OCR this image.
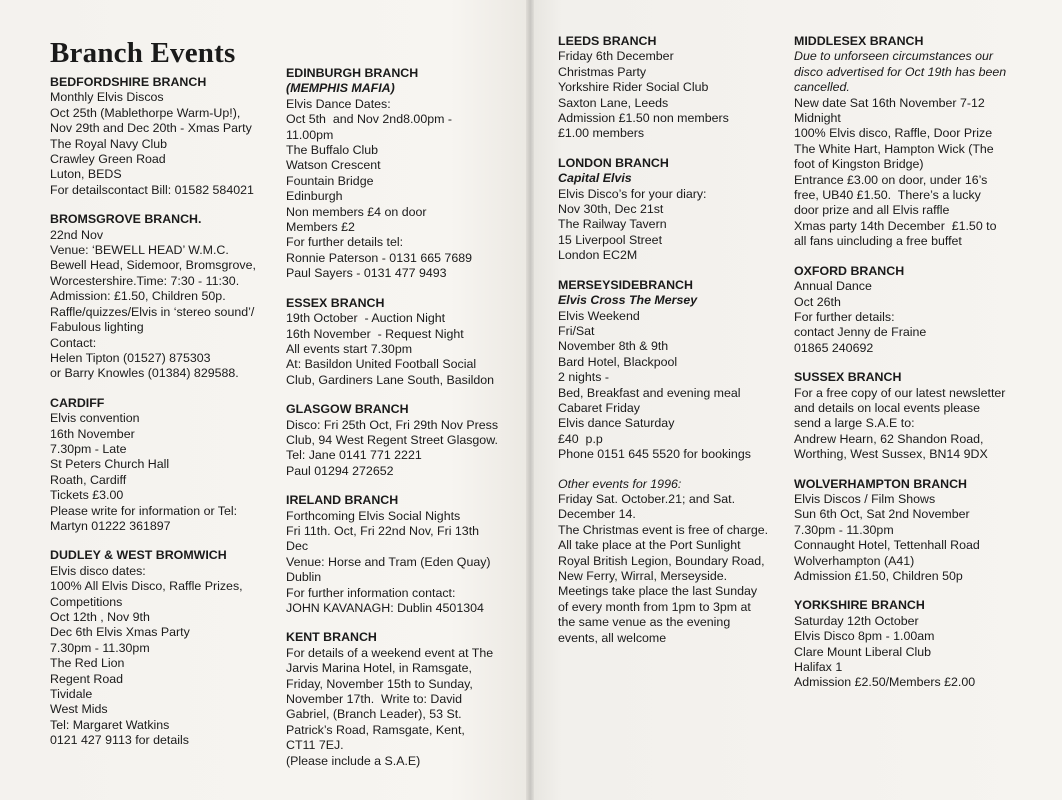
Branch Events
BEDFORDSHIRE BRANCH
Monthly Elvis Discos
Oct 25th (Mablethorpe Warm-Up!),
Nov 29th and Dec 20th - Xmas Party
The Royal Navy Club
Crawley Green Road
Luton, BEDS
For detailscontact Bill: 01582 584021
BROMSGROVE BRANCH.
22nd Nov
Venue: ‘BEWELL HEAD’ W.M.C.
Bewell Head, Sidemoor, Bromsgrove,
Worcestershire.Time: 7:30 - 11:30.
Admission: £1.50, Children 50p.
Raffle/quizzes/Elvis in ‘stereo sound’/
Fabulous lighting
Contact:
Helen Tipton (01527) 875303
or Barry Knowles (01384) 829588.
CARDIFF
Elvis convention
16th November
7.30pm - Late
St Peters Church Hall
Roath, Cardiff
Tickets £3.00
Please write for information or Tel:
Martyn 01222 361897
DUDLEY & WEST BROMWICH
Elvis disco dates:
100% All Elvis Disco, Raffle Prizes,
Competitions
Oct 12th , Nov 9th
Dec 6th Elvis Xmas Party
7.30pm - 11.30pm
The Red Lion
Regent Road
Tividale
West Mids
Tel: Margaret Watkins
0121 427 9113 for details
EDINBURGH BRANCH
(MEMPHIS MAFIA)
Elvis Dance Dates:
Oct 5th  and Nov 2nd8.00pm -
11.00pm
The Buffalo Club
Watson Crescent
Fountain Bridge
Edinburgh
Non members £4 on door
Members £2
For further details tel:
Ronnie Paterson - 0131 665 7689
Paul Sayers - 0131 477 9493
ESSEX BRANCH
19th October  - Auction Night
16th November  - Request Night
All events start 7.30pm
At: Basildon United Football Social
Club, Gardiners Lane South, Basildon
GLASGOW BRANCH
Disco: Fri 25th Oct, Fri 29th Nov Press
Club, 94 West Regent Street Glasgow.
Tel: Jane 0141 771 2221
Paul 01294 272652
IRELAND BRANCH
Forthcoming Elvis Social Nights
Fri 11th. Oct, Fri 22nd Nov, Fri 13th
Dec
Venue: Horse and Tram (Eden Quay)
Dublin
For further information contact:
JOHN KAVANAGH: Dublin 4501304
KENT BRANCH
For details of a weekend event at The
Jarvis Marina Hotel, in Ramsgate,
Friday, November 15th to Sunday,
November 17th.  Write to: David
Gabriel, (Branch Leader), 53 St.
Patrick’s Road, Ramsgate, Kent,
CT11 7EJ.
(Please include a S.A.E)
LEEDS BRANCH
Friday 6th December
Christmas Party
Yorkshire Rider Social Club
Saxton Lane, Leeds
Admission £1.50 non members
£1.00 members
LONDON BRANCH
Capital Elvis
Elvis Disco’s for your diary:
Nov 30th, Dec 21st
The Railway Tavern
15 Liverpool Street
London EC2M
MERSEYSIDEBRANCH
Elvis Cross The Mersey
Elvis Weekend
Fri/Sat
November 8th & 9th
Bard Hotel, Blackpool
2 nights -
Bed, Breakfast and evening meal
Cabaret Friday
Elvis dance Saturday
£40  p.p
Phone 0151 645 5520 for bookings
Other events for 1996:
Friday Sat. October.21; and Sat.
December 14.
The Christmas event is free of charge.
All take place at the Port Sunlight
Royal British Legion, Boundary Road,
New Ferry, Wirral, Merseyside.
Meetings take place the last Sunday
of every month from 1pm to 3pm at
the same venue as the evening
events, all welcome
MIDDLESEX BRANCH
Due to unforseen circumstances our
disco advertised for Oct 19th has been
cancelled.
New date Sat 16th November 7-12
Midnight
100% Elvis disco, Raffle, Door Prize
The White Hart, Hampton Wick (The
foot of Kingston Bridge)
Entrance £3.00 on door, under 16’s
free, UB40 £1.50.  There’s a lucky
door prize and all Elvis raffle
Xmas party 14th December  £1.50 to
all fans uincluding a free buffet
OXFORD BRANCH
Annual Dance
Oct 26th
For further details:
contact Jenny de Fraine
01865 240692
SUSSEX BRANCH
For a free copy of our latest newsletter
and details on local events please
send a large S.A.E to:
Andrew Hearn, 62 Shandon Road,
Worthing, West Sussex, BN14 9DX
WOLVERHAMPTON BRANCH
Elvis Discos / Film Shows
Sun 6th Oct, Sat 2nd November
7.30pm - 11.30pm
Connaught Hotel, Tettenhall Road
Wolverhampton (A41)
Admission £1.50, Children 50p
YORKSHIRE BRANCH
Saturday 12th October
Elvis Disco 8pm - 1.00am
Clare Mount Liberal Club
Halifax 1
Admission £2.50/Members £2.00
